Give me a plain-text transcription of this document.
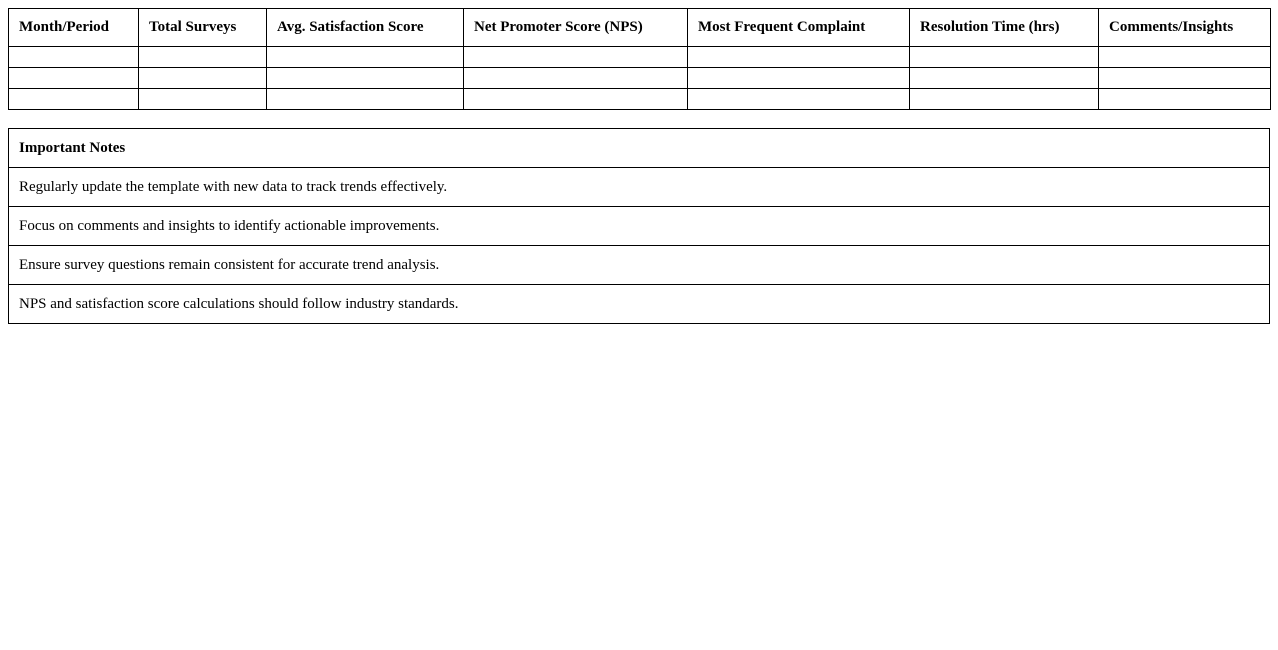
Month/Period	Total Surveys	Avg. Satisfaction Score	Net Promoter Score (NPS)	Most Frequent Complaint	Resolution Time (hrs)	Comments/Insights

Important Notes
Regularly update the template with new data to track trends effectively.
Focus on comments and insights to identify actionable improvements.
Ensure survey questions remain consistent for accurate trend analysis.
NPS and satisfaction score calculations should follow industry standards.
